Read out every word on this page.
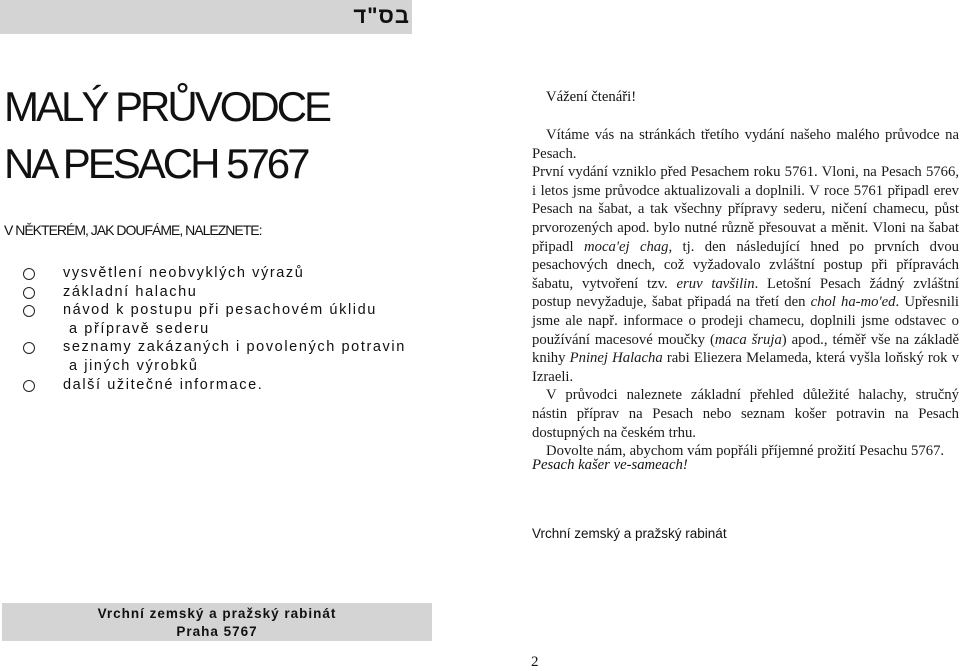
בס"ד
MALÝ PRŮVODCE
NA PESACH 5767

V NĚKTERÉM, JAK DOUFÁME, NALEZNETE:

vysvětlení neobvyklých výrazů
základní halachu
návod k postupu při pesachovém úklidu
a přípravě sederu
seznamy zakázaných i povolených potravin
a jiných výrobků
další užitečné informace.
Vážení čtenáři!

Vítáme vás na stránkách třetího vydání našeho malého průvodce na Pesach.

První vydání vzniklo před Pesachem roku 5761. Vloni, na Pesach 5766, i letos jsme průvodce aktualizovali a doplnili. V roce 5761 připadl erev Pesach na šabat, a tak všechny přípravy sederu, ničení chamecu, půst prvorozených apod. bylo nutné různě přesouvat a měnit. Vloni na šabat připadl moca'ej chag, tj. den následující hned po prvních dvou pesachových dnech, což vyžadovalo zvláštní postup při přípravách šabatu, vytvoření tzv. eruv tavšilin. Letošní Pesach žádný zvláštní postup nevyžaduje, šabat připadá na třetí den chol ha-mo'ed. Upřesnili jsme ale např. informace o prodeji chamecu, doplnili jsme odstavec o používání macesové moučky (maca šruja) apod., téměř vše na základě knihy Pninej Halacha rabi Eliezera Melameda, která vyšla loňský rok v Izraeli.

V průvodci naleznete základní přehled důležité halachy, stručný nástin příprav na Pesach nebo seznam košer potravin na Pesach dostupných na českém trhu.

Dovolte nám, abychom vám popřáli příjemné prožití Pesachu 5767.

Pesach kašer ve-sameach!
Vrchní zemský a pražský rabinát
Vrchní zemský a pražský rabinát
Praha 5767
2
